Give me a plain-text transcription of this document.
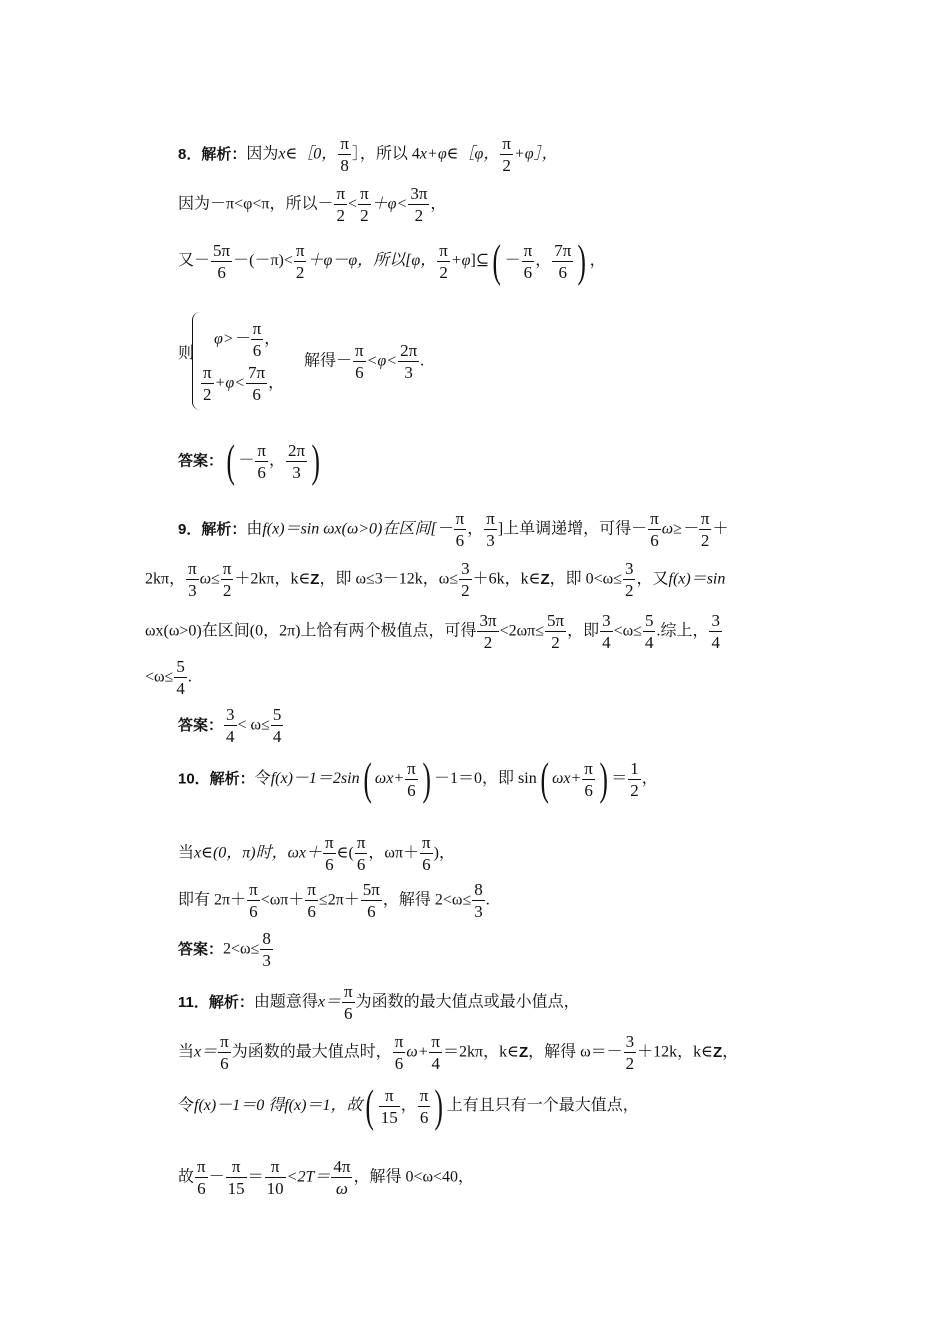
8．解析：因为x∈［0， $\frac{\pi}{8}$ ］，所以 4x+φ∈［φ， $\frac{\pi}{2}$ +φ］，
因为－π<φ<π，所以－ $\frac{\pi}{2} < \frac{\pi}{2} +\varphi< \frac{3\pi}{2}$ ，
又－ $\frac{5\pi}{6} -(-\pi)< \frac{\pi}{2} +\varphi-\varphi$，所以[φ， $\frac{\pi}{2}$ +φ]⊆( － $\frac{\pi}{6}$ ， $\frac{7\pi}{6}$ ) ，
则
$\varphi>- \frac{\pi}{6}$ ，
$\frac{\pi}{2} +\varphi< \frac{7\pi}{6}$ ，
解得－ $\frac{\pi}{6} <\varphi< \frac{2\pi}{3}$ .
答案：( － $\frac{\pi}{6}$ ， $\frac{2\pi}{3}$ )
9．解析：由f(x)＝sin ωx(ω>0)在区间[－ $\frac{\pi}{6}$ ， $\frac{\pi}{3}$ ]上单调递增，可得－ $\frac{\pi}{6} \omega\ge- \frac{\pi}{2}$ ＋
2kπ， $\frac{\pi}{3} \omega\le \frac{\pi}{2} +2k\pi$，k∈Z，即 ω≤3－12k，$\omega\le \frac{3}{2} +6k$，k∈Z，即 $0<\omega\le \frac{3}{2}$ ，又f(x)＝sin
ωx(ω>0)在区间(0，2π)上恰有两个极值点，可得 $\frac{3\pi}{2} <2\omega\pi\le \frac{5\pi}{2}$ ，即 $\frac{3}{4} <\omega\le \frac{5}{4}$ .综上， $\frac{3}{4}$
$<\omega\le \frac{5}{4}$ .
答案： $\frac{3}{4} < \omega\le \frac{5}{4}$
10．解析：令f(x)－1＝2sin( $\omega x+ \frac{\pi}{6}$ ) －1＝0，即 sin( $\omega x+ \frac{\pi}{6}$ ) ＝ $\frac{1}{2}$ ，
当x∈(0，π)时，$\omega x+ \frac{\pi}{6}$ ∈( $\frac{\pi}{6}$ ，$\omega\pi+ \frac{\pi}{6}$ )，
即有 $2\pi+ \frac{\pi}{6} <\omega\pi+ \frac{\pi}{6} \le 2\pi+ \frac{5\pi}{6}$ ，解得 $2<\omega\le \frac{8}{3}$ .
答案：$2<\omega\le \frac{8}{3}$
11．解析：由题意得$x= \frac{\pi}{6}$ 为函数的最大值点或最小值点，
当$x= \frac{\pi}{6}$ 为函数的最大值点时， $\frac{\pi}{6} \omega+ \frac{\pi}{4} =2k\pi$，k∈Z，解得 $\omega=- \frac{3}{2} +12k$，k∈Z，
令f(x)－1＝0 得f(x)＝1，故( $\frac{\pi}{15}$ ， $\frac{\pi}{6}$ ) 上有且只有一个最大值点，
故 $\frac{\pi}{6} - \frac{\pi}{15} = \frac{\pi}{10} <2T= \frac{4\pi}{\omega}$ ，解得 0<ω<40，
